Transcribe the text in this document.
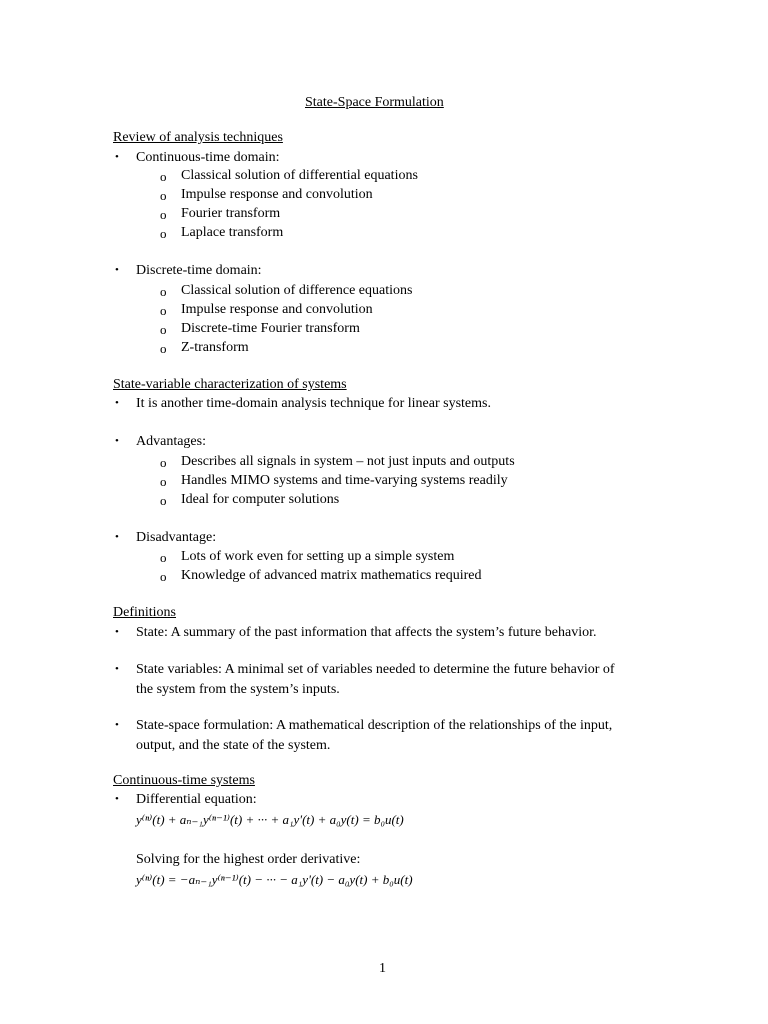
State-Space Formulation
Review of analysis techniques
• Continuous-time domain:
o Classical solution of differential equations
o Impulse response and convolution
o Fourier transform
o Laplace transform
• Discrete-time domain:
o Classical solution of difference equations
o Impulse response and convolution
o Discrete-time Fourier transform
o Z-transform
State-variable characterization of systems
• It is another time-domain analysis technique for linear systems.
• Advantages:
o Describes all signals in system – not just inputs and outputs
o Handles MIMO systems and time-varying systems readily
o Ideal for computer solutions
• Disadvantage:
o Lots of work even for setting up a simple system
o Knowledge of advanced matrix mathematics required
Definitions
• State: A summary of the past information that affects the system’s future behavior.
• State variables: A minimal set of variables needed to determine the future behavior of
the system from the system’s inputs.
• State-space formulation: A mathematical description of the relationships of the input,
output, and the state of the system.
Continuous-time systems
• Differential equation:
y⁽ⁿ⁾(t) + aₙ₋₁y⁽ⁿ⁻¹⁾(t) + ··· + a₁y'(t) + a₀y(t) = b₀u(t)
Solving for the highest order derivative:
y⁽ⁿ⁾(t) = −aₙ₋₁y⁽ⁿ⁻¹⁾(t) − ··· − a₁y'(t) − a₀y(t) + b₀u(t)
1
